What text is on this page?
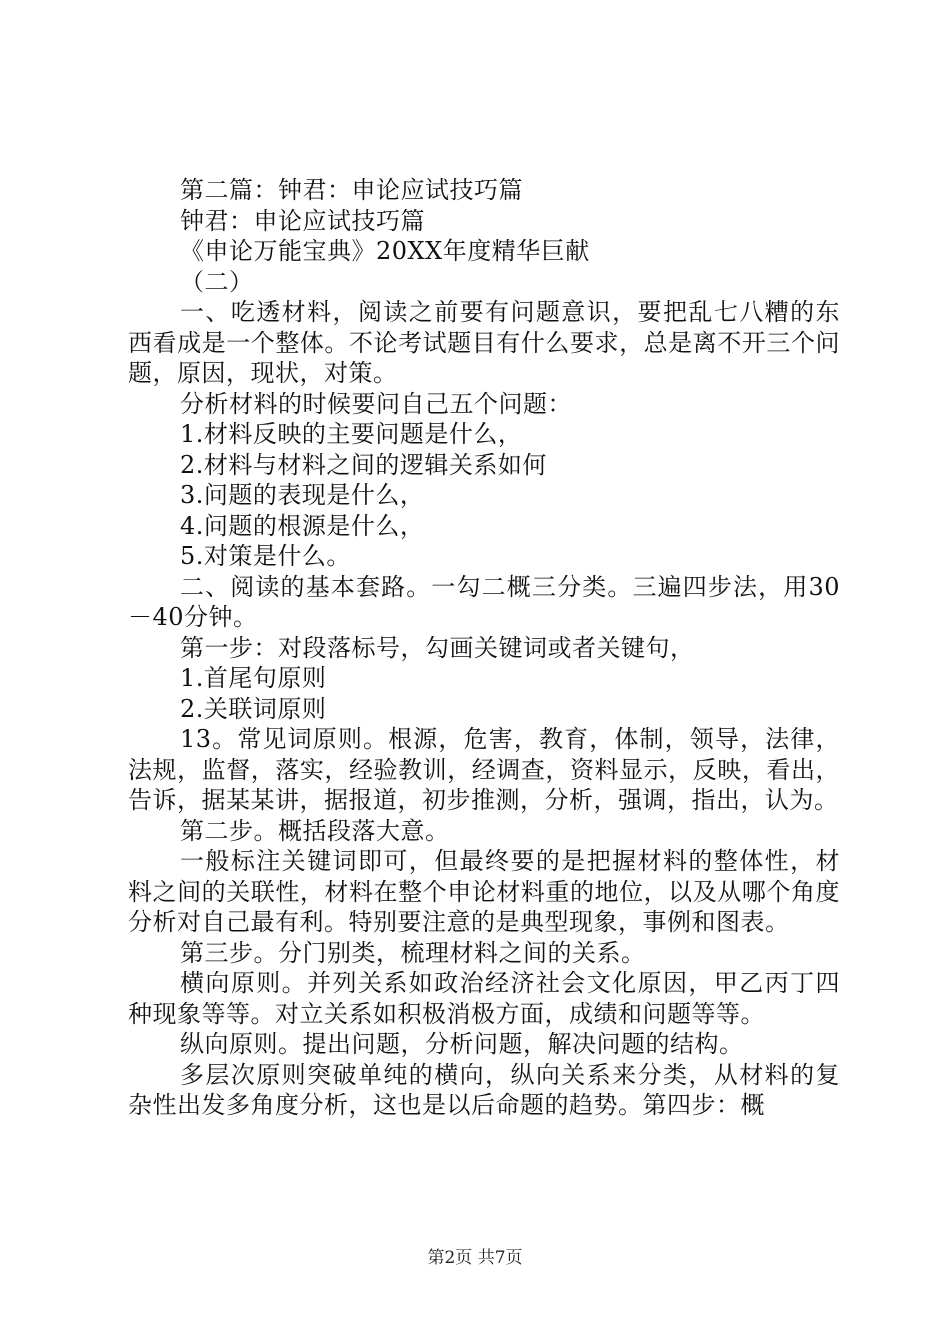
第二篇：钟君：申论应试技巧篇

钟君：申论应试技巧篇

《申论万能宝典》20XX年度精华巨献

（二）

一、吃透材料，阅读之前要有问题意识，要把乱七八糟的东西看成是一个整体。不论考试题目有什么要求，总是离不开三个问题，原因，现状，对策。

分析材料的时候要问自己五个问题：

1.材料反映的主要问题是什么，

2.材料与材料之间的逻辑关系如何

3.问题的表现是什么，

4.问题的根源是什么，

5.对策是什么。

二、阅读的基本套路。一勾二概三分类。三遍四步法，用30－40分钟。

第一步：对段落标号，勾画关键词或者关键句，

1.首尾句原则

2.关联词原则

13。常见词原则。根源，危害，教育，体制，领导，法律，法规，监督，落实，经验教训，经调查，资料显示，反映，看出，告诉，据某某讲，据报道，初步推测，分析，强调，指出，认为。

第二步。概括段落大意。

一般标注关键词即可，但最终要的是把握材料的整体性，材料之间的关联性，材料在整个申论材料重的地位，以及从哪个角度分析对自己最有利。特别要注意的是典型现象，事例和图表。

第三步。分门别类，梳理材料之间的关系。

横向原则。并列关系如政治经济社会文化原因，甲乙丙丁四种现象等等。对立关系如积极消极方面，成绩和问题等等。

纵向原则。提出问题，分析问题，解决问题的结构。

多层次原则突破单纯的横向，纵向关系来分类，从材料的复杂性出发多角度分析，这也是以后命题的趋势。第四步：概

第2页 共7页
